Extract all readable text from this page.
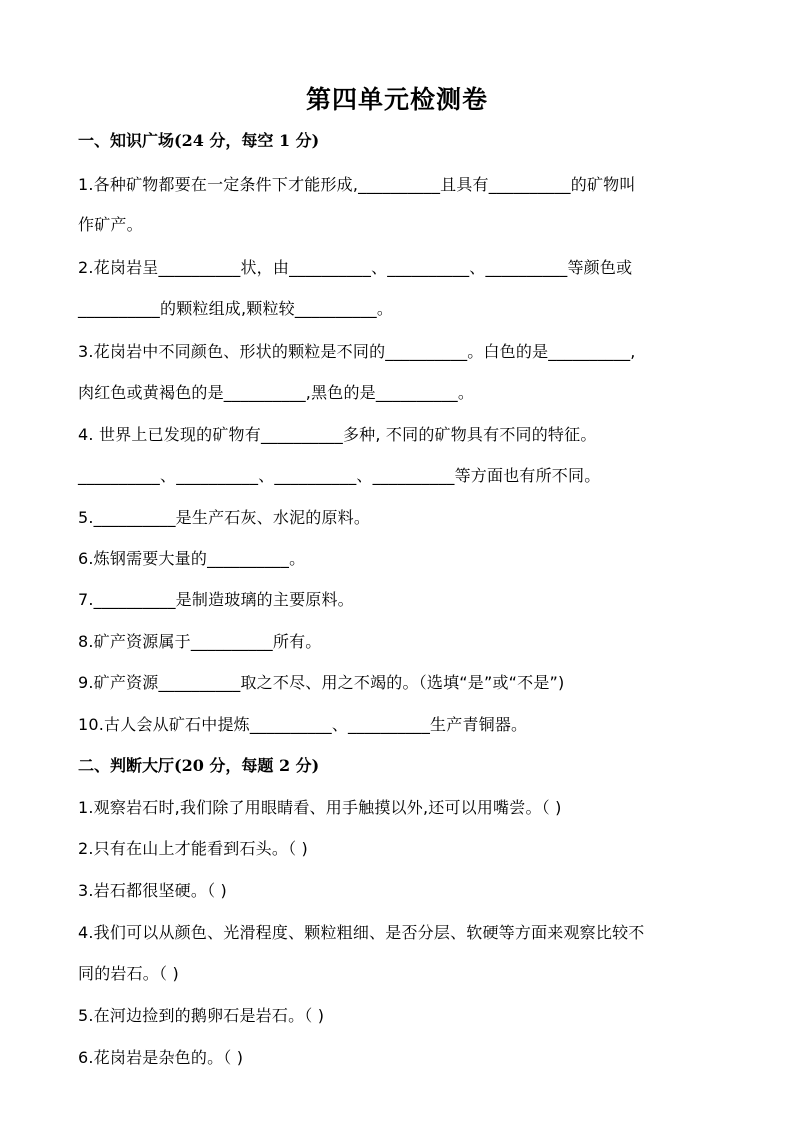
第四单元检测卷
一、知识广场(24 分，每空 1 分)
1.各种矿物都要在一定条件下才能形成,__________且具有__________的矿物叫
作矿产。
2.花岗岩呈__________状，由__________、__________、__________等颜色或
__________的颗粒组成,颗粒较__________。
3.花岗岩中不同颜色、形状的颗粒是不同的__________。白色的是__________,
肉红色或黄褐色的是__________,黑色的是__________。
4. 世界上已发现的矿物有__________多种, 不同的矿物具有不同的特征。
__________、__________、__________、__________等方面也有所不同。
5.__________是生产石灰、水泥的原料。
6.炼钢需要大量的__________。
7.__________是制造玻璃的主要原料。
8.矿产资源属于__________所有。
9.矿产资源__________取之不尽、用之不竭的。（选填“是”或“不是”)
10.古人会从矿石中提炼__________、__________生产青铜器。
二、判断大厅(20 分，每题 2 分)
1.观察岩石时,我们除了用眼睛看、用手触摸以外,还可以用嘴尝。（ )
2.只有在山上才能看到石头。（ )
3.岩石都很坚硬。（ )
4.我们可以从颜色、光滑程度、颗粒粗细、是否分层、软硬等方面来观察比较不
同的岩石。（ )
5.在河边捡到的鹅卵石是岩石。（ )
6.花岗岩是杂色的。（ )
